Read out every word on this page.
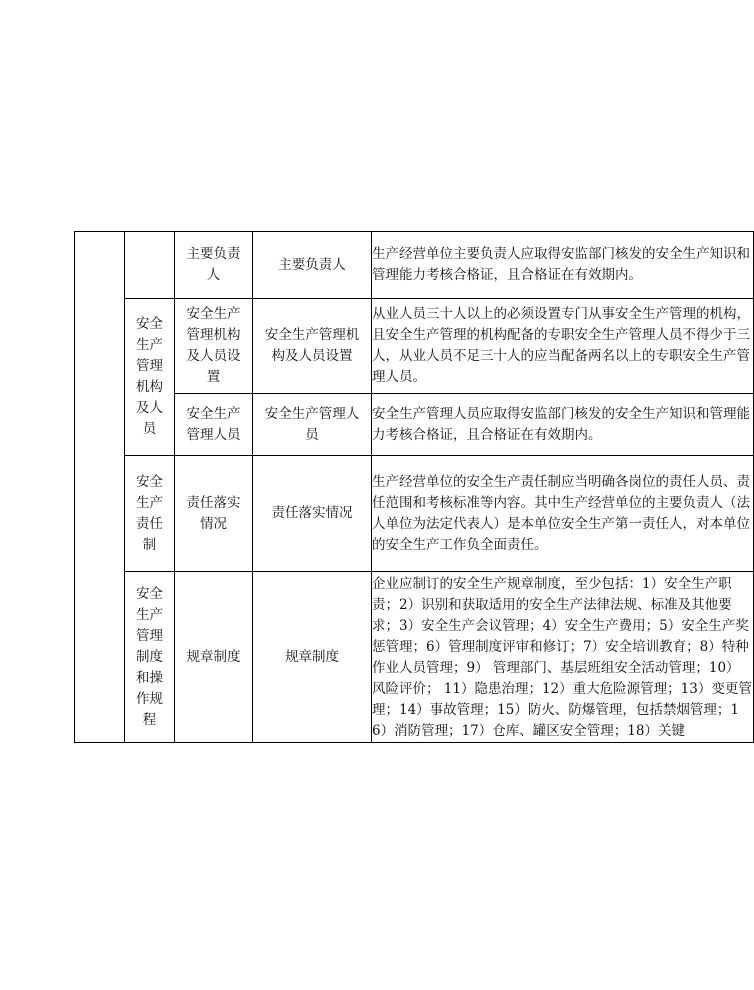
		主要负责人	主要负责人	生产经营单位主要负责人应取得安监部门核发的安全生产知识和管理能力考核合格证，且合格证在有效期内。

	安全生产管理机构及人员	安全生产管理机构及人员设置	安全生产管理机构及人员设置	从业人员三十人以上的必须设置专门从事安全生产管理的机构，且安全生产管理的机构配备的专职安全生产管理人员不得少于三人，从业人员不足三十人的应当配备两名以上的专职安全生产管理人员。

		安全生产管理人员	安全生产管理人员	安全生产管理人员应取得安监部门核发的安全生产知识和管理能力考核合格证，且合格证在有效期内。

	安全生产责任制	责任落实情况	责任落实情况	生产经营单位的安全生产责任制应当明确各岗位的责任人员、责任范围和考核标准等内容。其中生产经营单位的主要负责人（法人单位为法定代表人）是本单位安全生产第一责任人，对本单位的安全生产工作负全面责任。

	安全生产管理制度和操作规程	规章制度	规章制度	企业应制订的安全生产规章制度，至少包括：1）安全生产职责；2）识别和获取适用的安全生产法律法规、标准及其他要求；3）安全生产会议管理；4）安全生产费用；5）安全生产奖惩管理；6）管理制度评审和修订；7）安全培训教育；8）特种作业人员管理；9） 管理部门、基层班组安全活动管理；10）风险评价； 11）隐患治理；12）重大危险源管理；13）变更管理；14）事故管理；15）防火、防爆管理，包括禁烟管理；16）消防管理；17）仓库、罐区安全管理；18）关键
